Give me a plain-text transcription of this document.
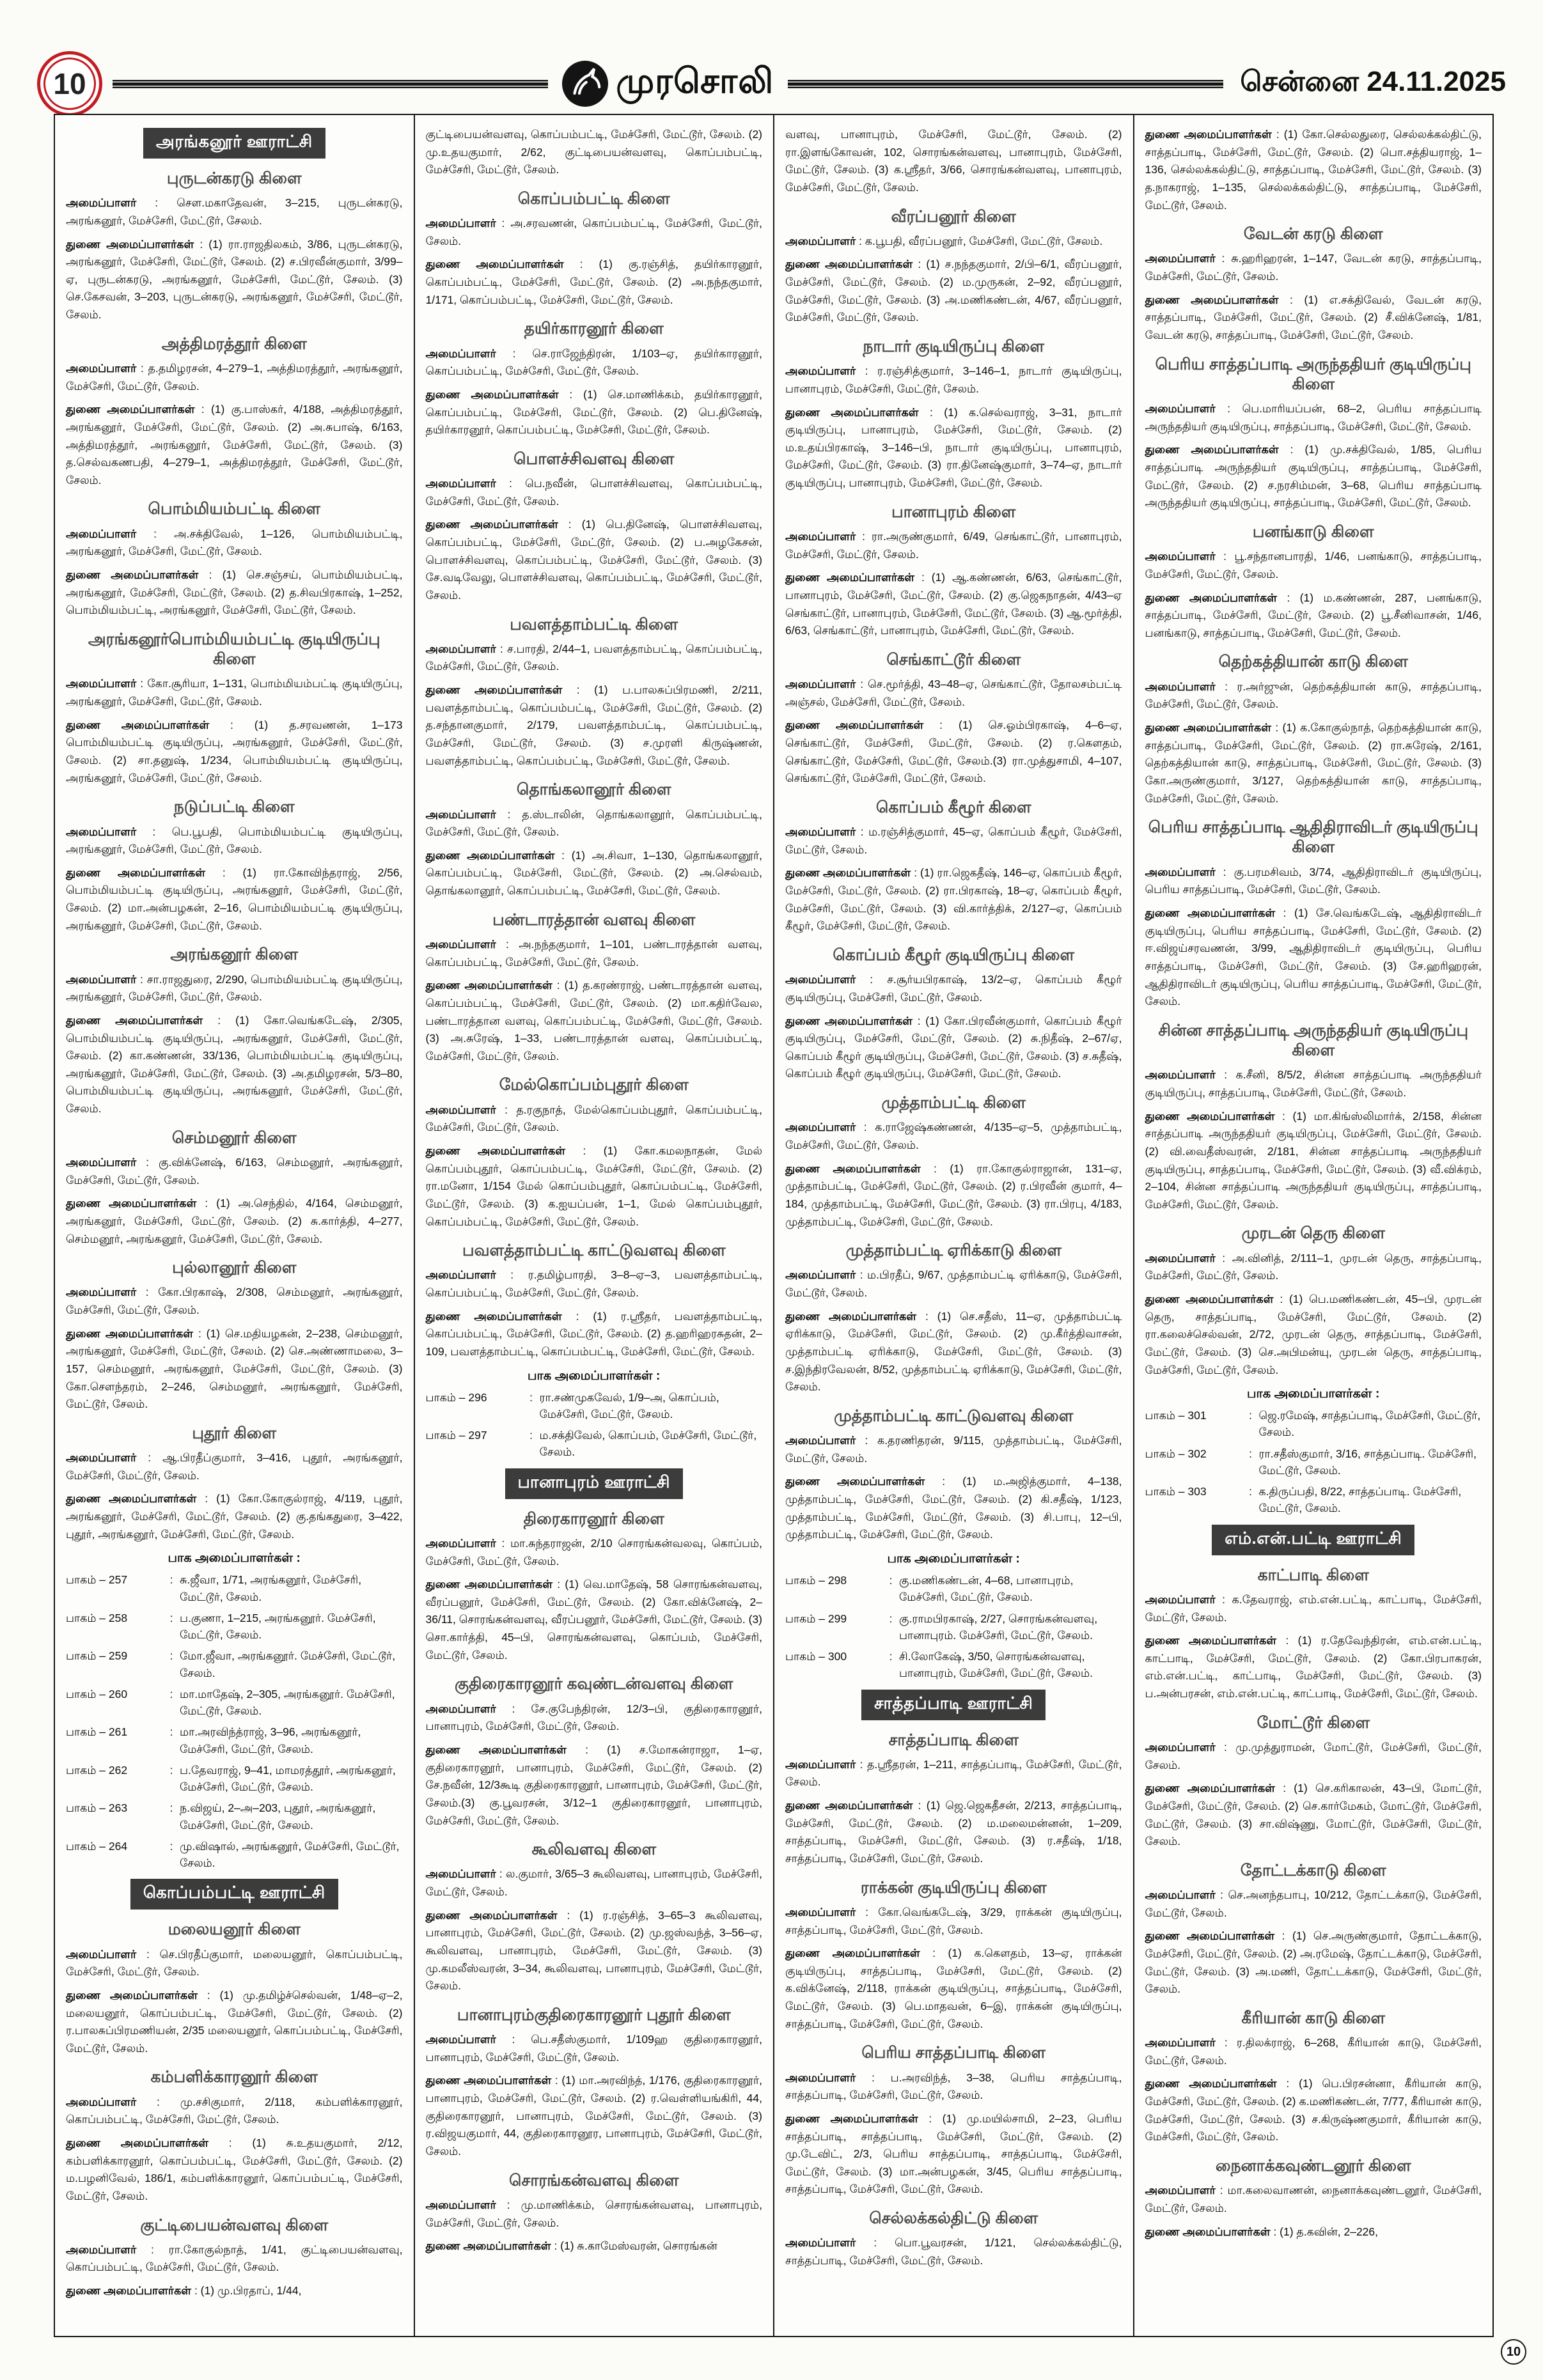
10	முரசொலி	சென்னை 24.11.2025
அரங்கனூர் ஊராட்சி
புருடன்கரடு கிளை

அமைப்பாளர் : சௌ.மகாதேவன், 3–215, புருடன்கரடு, அரங்கனூர், மேச்சேரி, மேட்டூர், சேலம்.

துணை அமைப்பாளர்கள் : (1) ரா.ராஜதிலகம், 3/86, புருடன்கரடு, அரங்கனூர், மேச்சேரி, மேட்டூர், சேலம். (2) ச.பிரவீன்குமார், 3/99–ஏ, புருடன்கரடு, அரங்கனூர், மேச்சேரி, மேட்டூர், சேலம். (3) செ.கேசவன், 3–203, புருடன்கரடு, அரங்கனூர், மேச்சேரி, மேட்டூர், சேலம்.

அத்திமரத்தூர் கிளை

அமைப்பாளர் : த.தமிழரசன், 4–279–1, அத்திமரத்தூர், அரங்கனூர், மேச்சேரி, மேட்டூர், சேலம்.

துணை அமைப்பாளர்கள் : (1) கு.பாஸ்கர், 4/188, அத்திமரத்தூர், அரங்கனூர், மேச்சேரி, மேட்டூர், சேலம். (2) அ.சுபாஷ், 6/163, அத்திமரத்தூர், அரங்கனூர், மேச்சேரி, மேட்டூர், சேலம். (3) த.செல்வகணபதி, 4–279–1, அத்திமரத்தூர், மேச்சேரி, மேட்டூர், சேலம்.

பொம்மியம்பட்டி கிளை

அமைப்பாளர் : அ.சக்திவேல், 1–126, பொம்மியம்பட்டி, அரங்கனூர், மேச்சேரி, மேட்டூர், சேலம்.

துணை அமைப்பாளர்கள் : (1) செ.சஞ்சய், பொம்மியம்பட்டி, அரங்கனூர், மேச்சேரி, மேட்டூர், சேலம். (2) த.சிவபிரகாஷ், 1–252, பொம்மியம்பட்டி, அரங்கனூர், மேச்சேரி, மேட்டூர், சேலம்.

அரங்கனூர்பொம்மியம்பட்டி குடியிருப்பு கிளை

அமைப்பாளர் : கோ.சூரியா, 1–131, பொம்மியம்பட்டி குடியிருப்பு, அரங்கனூர், மேச்சேரி, மேட்டூர், சேலம்.

துணை அமைப்பாளர்கள் : (1) த.சரவணன், 1–173 பொம்மியம்பட்டி குடியிருப்பு, அரங்கனூர், மேச்சேரி, மேட்டூர், சேலம். (2) சா.தனுஷ், 1/234, பொம்மியம்பட்டி குடியிருப்பு, அரங்கனூர், மேச்சேரி, மேட்டூர், சேலம்.

நடுப்பட்டி கிளை

அமைப்பாளர் : பெ.பூபதி, பொம்மியம்பட்டி குடியிருப்பு, அரங்கனூர், மேச்சேரி, மேட்டூர், சேலம்.

துணை அமைப்பாளர்கள் : (1) ரா.கோவிந்தராஜ், 2/56, பொம்மியம்பட்டி குடியிருப்பு, அரங்கனூர், மேச்சேரி, மேட்டூர், சேலம். (2) மா.அன்பழகன், 2–16, பொம்மியம்பட்டி குடியிருப்பு, அரங்கனூர், மேச்சேரி, மேட்டூர், சேலம்.

அரங்கனூர் கிளை

அமைப்பாளர் : சா.ராஜதுரை, 2/290, பொம்மியம்பட்டி குடியிருப்பு, அரங்கனூர், மேச்சேரி, மேட்டூர், சேலம்.

துணை அமைப்பாளர்கள் : (1) கோ.வெங்கடேஷ், 2/305, பொம்மியம்பட்டி குடியிருப்பு, அரங்கனூர், மேச்சேரி, மேட்டூர், சேலம். (2) கா.கண்ணன், 33/136, பொம்மியம்பட்டி குடியிருப்பு, அரங்கனூர், மேச்சேரி, மேட்டூர், சேலம். (3) அ.தமிழரசன், 5/3–80, பொம்மியம்பட்டி குடியிருப்பு, அரங்கனூர், மேச்சேரி, மேட்டூர், சேலம்.

செம்மனூர் கிளை

அமைப்பாளர் : கு.விக்னேஷ், 6/163, செம்மனூர், அரங்கனூர், மேச்சேரி, மேட்டூர், சேலம்.

துணை அமைப்பாளர்கள் : (1) அ.செந்தில், 4/164, செம்மனூர், அரங்கனூர், மேச்சேரி, மேட்டூர், சேலம். (2) சு.கார்த்தி, 4–277, செம்மனூர், அரங்கனூர், மேச்சேரி, மேட்டூர், சேலம்.

புல்லானூர் கிளை

அமைப்பாளர் : கோ.பிரகாஷ், 2/308, செம்மனூர், அரங்கனூர், மேச்சேரி, மேட்டூர், சேலம்.

துணை அமைப்பாளர்கள் : (1) செ.மதியழகன், 2–238, செம்மனூர், அரங்கனூர், மேச்சேரி, மேட்டூர், சேலம். (2) செ.அண்ணாமலை, 3–157, செம்மனூர், அரங்கனூர், மேச்சேரி, மேட்டூர், சேலம். (3) கோ.சௌந்தரம், 2–246, செம்மனூர், அரங்கனூர், மேச்சேரி, மேட்டூர், சேலம்.

புதூர் கிளை

அமைப்பாளர் : ஆ.பிரதீப்குமார், 3–416, புதூர், அரங்கனூர், மேச்சேரி, மேட்டூர், சேலம்.

துணை அமைப்பாளர்கள் : (1) கோ.கோகுல்ராஜ், 4/119, புதூர், அரங்கனூர், மேச்சேரி, மேட்டூர், சேலம். (2) கு.தங்கதுரை, 3–422, புதூர், அரங்கனூர், மேச்சேரி, மேட்டூர், சேலம்.

பாக அமைப்பாளர்கள் :
பாகம் – 257	: சு.ஜீவா, 1/71, அரங்கனூர், மேச்சேரி, மேட்டூர், சேலம்.
பாகம் – 258	: ப.குணா, 1–215, அரங்கனூர். மேச்சேரி, மேட்டூர், சேலம்.
பாகம் – 259	: மோ.ஜீவா, அரங்கனூர். மேச்சேரி, மேட்டூர், சேலம்.
பாகம் – 260	: மா.மாதேஷ், 2–305, அரங்கனூர். மேச்சேரி, மேட்டூர், சேலம்.
பாகம் – 261	: மா.அரவிந்த்ராஜ், 3–96, அரங்கனூர், மேச்சேரி, மேட்டூர், சேலம்.
பாகம் – 262	: ப.தேவராஜ், 9–41, மாமரத்தூர், அரங்கனூர், மேச்சேரி, மேட்டூர், சேலம்.
பாகம் – 263	: ந.விஜய், 2–அ–203, புதூர், அரங்கனூர், மேச்சேரி, மேட்டூர், சேலம்.
பாகம் – 264	: மு.விஷால், அரங்கனூர், மேச்சேரி, மேட்டூர், சேலம்.
கொப்பம்பட்டி ஊராட்சி
மலையனூர் கிளை

அமைப்பாளர் : செ.பிரதீப்குமார், மலையனூர், கொப்பம்பட்டி, மேச்சேரி, மேட்டூர், சேலம்.

துணை அமைப்பாளர்கள் : (1) மு.தமிழ்ச்செல்வன், 1/48–ஏ–2, மலையனூர், கொப்பம்பட்டி, மேச்சேரி, மேட்டூர், சேலம். (2) ர.பாலசுப்பிரமணியன், 2/35 மலையனூர், கொப்பம்பட்டி, மேச்சேரி, மேட்டூர், சேலம்.

கம்பளிக்காரனூர் கிளை

அமைப்பாளர் : மு.சசிகுமார், 2/118, கம்பளிக்காரனூர், கொப்பம்பட்டி, மேச்சேரி, மேட்டூர், சேலம்.

துணை அமைப்பாளர்கள் : (1) சு.உதயகுமார், 2/12, கம்பளிக்காரனூர், கொப்பம்பட்டி, மேச்சேரி, மேட்டூர், சேலம். (2) ம.பழனிவேல், 186/1, கம்பளிக்காரனூர், கொப்பம்பட்டி, மேச்சேரி, மேட்டூர், சேலம்.

குட்டிபையன்வளவு கிளை

அமைப்பாளர் : ரா.கோகுல்நாத், 1/41, குட்டிபையன்வளவு, கொப்பம்பட்டி, மேச்சேரி, மேட்டூர், சேலம்.

துணை அமைப்பாளர்கள் : (1) மு.பிரதாப், 1/44,

குட்டிபையன்வளவு, கொப்பம்பட்டி, மேச்சேரி, மேட்டூர், சேலம். (2) மு.உதயகுமார், 2/62, குட்டிபையன்வளவு, கொப்பம்பட்டி, மேச்சேரி, மேட்டூர், சேலம்.

கொப்பம்பட்டி கிளை

அமைப்பாளர் : அ.சரவணன், கொப்பம்பட்டி, மேச்சேரி, மேட்டூர், சேலம்.

துணை அமைப்பாளர்கள் : (1) கு.ரஞ்சித், தயிர்காரனூர், கொப்பம்பட்டி, மேச்சேரி, மேட்டூர், சேலம். (2) அ.நந்தகுமார், 1/171, கொப்பம்பட்டி, மேச்சேரி, மேட்டூர், சேலம்.

தயிர்காரனூர் கிளை

அமைப்பாளர் : செ.ராஜேந்திரன், 1/103–ஏ, தயிர்காரனூர், கொப்பம்பட்டி, மேச்சேரி, மேட்டூர், சேலம்.

துணை அமைப்பாளர்கள் : (1) செ.மாணிக்கம், தயிர்காரனூர், கொப்பம்பட்டி, மேச்சேரி, மேட்டூர், சேலம். (2) பெ.தினேஷ், தயிர்காரனூர், கொப்பம்பட்டி, மேச்சேரி, மேட்டூர், சேலம்.

பொளச்சிவளவு கிளை

அமைப்பாளர் : பெ.நவீன், பொளச்சிவளவு, கொப்பம்பட்டி, மேச்சேரி, மேட்டூர், சேலம்.

துணை அமைப்பாளர்கள் : (1) பெ.தினேஷ், பொளச்சிவளவு, கொப்பம்பட்டி, மேச்சேரி, மேட்டூர், சேலம். (2) ப.அழகேசன், பொளச்சிவளவு, கொப்பம்பட்டி, மேச்சேரி, மேட்டூர், சேலம். (3) சே.வடிவேலு, பொளச்சிவளவு, கொப்பம்பட்டி, மேச்சேரி, மேட்டூர், சேலம்.

பவளத்தாம்பட்டி கிளை

அமைப்பாளர் : ச.பாரதி, 2/44–1, பவளத்தாம்பட்டி, கொப்பம்பட்டி, மேச்சேரி, மேட்டூர், சேலம்.

துணை அமைப்பாளர்கள் : (1) ப.பாலசுப்பிரமணி, 2/211, பவளத்தாம்பட்டி, கொப்பம்பட்டி, மேச்சேரி, மேட்டூர், சேலம். (2) த.சந்தானகுமார், 2/179, பவளத்தாம்பட்டி, கொப்பம்பட்டி, மேச்சேரி, மேட்டூர், சேலம். (3) ச.முரளி கிருஷ்ணன், பவளத்தாம்பட்டி, கொப்பம்பட்டி, மேச்சேரி, மேட்டூர், சேலம்.

தொங்கலானூர் கிளை

அமைப்பாளர் : த.ஸ்டாலின், தொங்கலானூர், கொப்பம்பட்டி, மேச்சேரி, மேட்டூர், சேலம்.

துணை அமைப்பாளர்கள் : (1) அ.சிவா, 1–130, தொங்கலானூர், கொப்பம்பட்டி, மேச்சேரி, மேட்டூர், சேலம். (2) அ.செல்வம், தொங்கலானூர், கொப்பம்பட்டி, மேச்சேரி, மேட்டூர், சேலம்.

பண்டாரத்தான் வளவு கிளை

அமைப்பாளர் : அ.நந்தகுமார், 1–101, பண்டாரத்தான் வளவு, கொப்பம்பட்டி, மேச்சேரி, மேட்டூர், சேலம்.

துணை அமைப்பாளர்கள் : (1) த.கரண்ராஜ், பண்டாரத்தான் வளவு, கொப்பம்பட்டி, மேச்சேரி, மேட்டூர், சேலம். (2) மா.கதிர்வேல, பண்டாரத்தான வளவு, கொப்பம்பட்டி, மேச்சேரி, மேட்டூர், சேலம். (3) அ.சுரேஷ், 1–33, பண்டாரத்தான் வளவு, கொப்பம்பட்டி, மேச்சேரி, மேட்டூர், சேலம்.

மேல்கொப்பம்புதூர் கிளை

அமைப்பாளர் : த.ரகுநாத், மேல்கொப்பம்புதூர், கொப்பம்பட்டி, மேச்சேரி, மேட்டூர், சேலம்.

துணை அமைப்பாளர்கள் : (1) கோ.கமலநாதன், மேல் கொப்பம்புதூர், கொப்பம்பட்டி, மேச்சேரி, மேட்டூர், சேலம். (2) ரா.மனோ, 1/154 மேல் கொப்பம்புதூர், கொப்பம்பட்டி, மேச்சேரி, மேட்டூர், சேலம். (3) க.ஐயப்பன், 1–1, மேல் கொப்பம்புதூர், கொப்பம்பட்டி, மேச்சேரி, மேட்டூர், சேலம்.

பவளத்தாம்பட்டி காட்டுவளவு கிளை

அமைப்பாளர் : ர.தமிழ்பாரதி, 3–8–ஏ–3, பவளத்தாம்பட்டி, கொப்பம்பட்டி, மேச்சேரி, மேட்டூர், சேலம்.

துணை அமைப்பாளர்கள் : (1) ர.ஸ்ரீதர், பவளத்தாம்பட்டி, கொப்பம்பட்டி, மேச்சேரி, மேட்டூர், சேலம். (2) த.ஹரிஹரசுதன், 2–109, பவளத்தாம்பட்டி, கொப்பம்பட்டி, மேச்சேரி, மேட்டூர், சேலம்.

பாக அமைப்பாளர்கள் :
பாகம் – 296	: ரா.சண்முகவேல், 1/9–அ, கொப்பம், மேச்சேரி, மேட்டூர், சேலம்.
பாகம் – 297	: ம.சக்திவேல், கொப்பம், மேச்சேரி, மேட்டூர், சேலம்.
பானாபுரம் ஊராட்சி
திரைகாரனூர் கிளை

அமைப்பாளர் : மா.சுந்தராஜன், 2/10 சொரங்கன்வலவு, கொப்பம், மேச்சேரி, மேட்டூர், சேலம்.

துணை அமைப்பாளர்கள் : (1) வெ.மாதேஷ், 58 சொரங்கன்வளவு, வீரப்பனூர், மேச்சேரி, மேட்டூர், சேலம். (2) கோ.விக்னேஷ், 2–36/11, சொரங்கன்வளவு, வீரப்பனூர், மேச்சேரி, மேட்டூர், சேலம். (3) சொ.கார்த்தி, 45–பி, சொரங்கன்வளவு, கொப்பம், மேச்சேரி, மேட்டூர், சேலம்.

குதிரைகாரனூர் கவுண்டன்வளவு கிளை

அமைப்பாளர் : சே.குபேந்திரன், 12/3–பி, குதிரைகாரனூர், பானாபுரம், மேச்சேரி, மேட்டூர், சேலம்.

துணை அமைப்பாளர்கள் : (1) ச.மோகன்ராஜா, 1–ஏ, குதிரைகாரனூர், பானாபுரம், மேச்சேரி, மேட்டூர், சேலம். (2) சே.நவீன், 12/3கூடி குதிரைகாரனூர், பானாபுரம், மேச்சேரி, மேட்டூர், சேலம்.(3) கு.பூவரசன், 3/12–1 குதிரைகாரனூர், பானாபுரம், மேச்சேரி, மேட்டூர், சேலம்.

கூலிவளவு கிளை

அமைப்பாளர் : ல.குமார், 3/65–3 கூலிவளவு, பானாபுரம், மேச்சேரி, மேட்டூர், சேலம்.

துணை அமைப்பாளர்கள் : (1) ர.ரஞ்சித், 3–65–3 கூலிவளவு, பானாபுரம், மேச்சேரி, மேட்டூர், சேலம். (2) மு.ஜஸ்வந்த், 3–56–ஏ, கூலிவளவு, பானாபுரம், மேச்சேரி, மேட்டூர், சேலம். (3) மு.கமலீஸ்வரன், 3–34, கூலிவளவு, பானாபுரம், மேச்சேரி, மேட்டூர், சேலம்.

பானாபுரம்குதிரைகாரனூர் புதூர் கிளை

அமைப்பாளர் : பெ.சதீஸ்குமார், 1/109ஹ குதிரைகாரனூர், பானாபுரம், மேச்சேரி, மேட்டூர், சேலம்.

துணை அமைப்பாளர்கள் : (1) மா.அரவிந்த், 1/176, குதிரைகாரனூர், பானாபுரம், மேச்சேரி, மேட்டூர், சேலம். (2) ர.வெள்ளியங்கிரி, 44, குதிரைகாரனூர், பானாபுரம், மேச்சேரி, மேட்டூர், சேலம். (3) ர.விஜயகுமார், 44, குதிரைகாரனூர, பானாபுரம், மேச்சேரி, மேட்டூர், சேலம்.

சொரங்கன்வளவு கிளை

அமைப்பாளர் : மு.மாணிக்கம், சொரங்கன்வளவு, பானாபுரம், மேச்சேரி, மேட்டூர், சேலம்.

துணை அமைப்பாளர்கள் : (1) சு.காமேஸ்வரன், சொரங்கன்

வளவு, பானாபுரம், மேச்சேரி, மேட்டூர், சேலம். (2) ரா.இளங்கோவன், 102, சொரங்கன்வளவு, பானாபுரம், மேச்சேரி, மேட்டூர், சேலம். (3) க.ஸ்ரீதர், 3/66, சொரங்கன்வளவு, பானாபுரம், மேச்சேரி, மேட்டூர், சேலம்.

வீரப்பனூர் கிளை

அமைப்பாளர் : க.பூபதி, வீரப்பனூர், மேச்சேரி, மேட்டூர், சேலம்.

துணை அமைப்பாளர்கள் : (1) ச.நந்தகுமார், 2/பி–6/1, வீரப்பனூர், மேச்சேரி, மேட்டூர், சேலம். (2) ம.முருகன், 2–92, வீரப்பனூர், மேச்சேரி, மேட்டூர், சேலம். (3) அ.மணிகண்டன், 4/67, வீரப்பனூர், மேச்சேரி, மேட்டூர், சேலம்.

நாடார் குடியிருப்பு கிளை

அமைப்பாளர் : ர.ரஞ்சித்குமார், 3–146–1, நாடார் குடியிருப்பு, பானாபுரம், மேச்சேரி, மேட்டூர், சேலம்.

துணை அமைப்பாளர்கள் : (1) க.செல்வராஜ், 3–31, நாடார் குடியிருப்பு, பானாபுரம், மேச்சேரி, மேட்டூர், சேலம். (2) ம.உதய்பிரகாஷ், 3–146–பி, நாடார் குடியிருப்பு, பானாபுரம், மேச்சேரி, மேட்டூர், சேலம். (3) ரா.தினேஷ்குமார், 3–74–ஏ, நாடார் குடியிருப்பு, பானாபுரம், மேச்சேரி, மேட்டூர், சேலம்.

பானாபுரம் கிளை

அமைப்பாளர் : ரா.அருண்குமார், 6/49, செங்காட்டூர், பானாபுரம், மேச்சேரி, மேட்டூர், சேலம்.

துணை அமைப்பாளர்கள் : (1) ஆ.கண்ணன், 6/63, செங்காட்டூர், பானாபுரம், மேச்சேரி, மேட்டூர், சேலம். (2) கு.ஜெகநாதன், 4/43–ஏ செங்காட்டூர், பானாபுரம், மேச்சேரி, மேட்டூர், சேலம். (3) ஆ.மூர்த்தி, 6/63, செங்காட்டூர், பானாபுரம், மேச்சேரி, மேட்டூர், சேலம்.

செங்காட்டூர் கிளை

அமைப்பாளர் : செ.மூர்த்தி, 43–48–ஏ, செங்காட்டூர், தோலசம்பட்டி அஞ்சல், மேச்சேரி, மேட்டூர், சேலம்.

துணை அமைப்பாளர்கள் : (1) செ.ஓம்பிரகாஷ், 4–6–ஏ, செங்காட்டூர், மேச்சேரி, மேட்டூர், சேலம். (2) ர.கௌதம், செங்காட்டூர், மேச்சேரி, மேட்டூர், சேலம்.(3) ரா.முத்துசாமி, 4–107, செங்காட்டூர், மேச்சேரி, மேட்டூர், சேலம்.

கொப்பம் கீழூர் கிளை

அமைப்பாளர் : ம.ரஞ்சித்குமார், 45–ஏ, கொப்பம் கீழூர், மேச்சேரி, மேட்டூர், சேலம்.

துணை அமைப்பாளர்கள் : (1) ரா.ஜெகதீஷ், 146–ஏ, கொப்பம் கீழூர், மேச்சேரி, மேட்டூர், சேலம். (2) ரா.பிரகாஷ், 18–ஏ, கொப்பம் கீழூர், மேச்சேரி, மேட்டூர், சேலம். (3) வி.கார்த்திக், 2/127–ஏ, கொப்பம் கீழூர், மேச்சேரி, மேட்டூர், சேலம்.

கொப்பம் கீழூர் குடியிருப்பு கிளை

அமைப்பாளர் : ச.சூர்யபிரகாஷ், 13/2–ஏ, கொப்பம் கீழூர் குடியிருப்பு, மேச்சேரி, மேட்டூர், சேலம்.

துணை அமைப்பாளர்கள் : (1) கோ.பிரவீன்குமார், கொப்பம் கீழூர் குடியிருப்பு, மேச்சேரி, மேட்டூர், சேலம். (2) சு.நிதீஷ், 2–67/ஏ, கொப்பம் கீழூர் குடியிருப்பு, மேச்சேரி, மேட்டூர், சேலம். (3) ச.சுதீஷ், கொப்பம் கீழூர் குடியிருப்பு, மேச்சேரி, மேட்டூர், சேலம்.

முத்தாம்பட்டி கிளை

அமைப்பாளர் : க.ராஜேஷ்கண்ணன், 4/135–ஏ–5, முத்தாம்பட்டி, மேச்சேரி, மேட்டூர், சேலம்.

துணை அமைப்பாளர்கள் : (1) ரா.கோகுல்ராஜான், 131–ஏ, முத்தாம்பட்டி, மேச்சேரி, மேட்டூர், சேலம். (2) ர.பிரவீன் குமார், 4–184, முத்தாம்பட்டி, மேச்சேரி, மேட்டூர், சேலம். (3) ரா.பிரபு, 4/183, முத்தாம்பட்டி, மேச்சேரி, மேட்டூர், சேலம்.

முத்தாம்பட்டி ஏரிக்காடு கிளை

அமைப்பாளர் : ம.பிரதீப், 9/67, முத்தாம்பட்டி ஏரிக்காடு, மேச்சேரி, மேட்டூர், சேலம்.

துணை அமைப்பாளர்கள் : (1) செ.சதீஸ், 11–ஏ, முத்தாம்பட்டி ஏரிக்காடு, மேச்சேரி, மேட்டூர், சேலம். (2) மு.கீர்த்திவாசன், முத்தாம்பட்டி ஏரிக்காடு, மேச்சேரி, மேட்டூர், சேலம். (3) ச.இந்திரவேலன், 8/52, முத்தாம்பட்டி ஏரிக்காடு, மேச்சேரி, மேட்டூர், சேலம்.

முத்தாம்பட்டி காட்டுவளவு கிளை

அமைப்பாளர் : க.தரணிதரன், 9/115, முத்தாம்பட்டி, மேச்சேரி, மேட்டூர், சேலம்.

துணை அமைப்பாளர்கள் : (1) ம.அஜித்குமார், 4–138, முத்தாம்பட்டி, மேச்சேரி, மேட்டூர், சேலம். (2) கி.சதீஷ், 1/123, முத்தாம்பட்டி, மேச்சேரி, மேட்டூர், சேலம். (3) சி.பாபு, 12–பி, முத்தாம்பட்டி, மேச்சேரி, மேட்டூர், சேலம்.

பாக அமைப்பாளர்கள் :
பாகம் – 298	: கு.மணிகண்டன், 4–68, பானாபுரம், மேச்சேரி, மேட்டூர், சேலம்.
பாகம் – 299	: கு.ராமபிரகாஷ், 2/27, சொரங்கன்வளவு, பானாபுரம். மேச்சேரி, மேட்டூர், சேலம்.
பாகம் – 300	: சி.லோகேஷ், 3/50, சொரங்கன்வளவு, பானாபுரம், மேச்சேரி, மேட்டூர், சேலம்.
சாத்தப்பாடி ஊராட்சி
சாத்தப்பாடி கிளை

அமைப்பாளர் : த.ஸ்ரீதரன், 1–211, சாத்தப்பாடி, மேச்சேரி, மேட்டூர், சேலம்.

துணை அமைப்பாளர்கள் : (1) ஜெ.ஜெகதீசன், 2/213, சாத்தப்பாடி, மேச்சேரி, மேட்டூர், சேலம். (2) ம.மலைமன்னன், 1–209, சாத்தப்பாடி, மேச்சேரி, மேட்டூர், சேலம். (3) ர.சதீஷ், 1/18, சாத்தப்பாடி, மேச்சேரி, மேட்டூர், சேலம்.

ராக்கன் குடியிருப்பு கிளை

அமைப்பாளர் : கோ.வெங்கடேஷ், 3/29, ராக்கன் குடியிருப்பு, சாத்தப்பாடி, மேச்சேரி, மேட்டூர், சேலம்.

துணை அமைப்பாளர்கள் : (1) க.கௌதம், 13–ஏ, ராக்கன் குடியிருப்பு, சாத்தப்பாடி, மேச்சேரி, மேட்டூர், சேலம். (2) க.விக்னேஷ், 2/118, ராக்கன் குடியிருப்பு, சாத்தப்பாடி, மேச்சேரி, மேட்டூர், சேலம். (3) பெ.மாதவன், 6–இ, ராக்கன் குடியிருப்பு, சாத்தப்பாடி, மேச்சேரி, மேட்டூர், சேலம்.

பெரிய சாத்தப்பாடி கிளை

அமைப்பாளர் : ப.அரவிந்த், 3–38, பெரிய சாத்தப்பாடி, சாத்தப்பாடி, மேச்சேரி, மேட்டூர், சேலம்.

துணை அமைப்பாளர்கள் : (1) மு.மயில்சாமி, 2–23, பெரிய சாத்தப்பாடி, சாத்தப்பாடி, மேச்சேரி, மேட்டூர், சேலம். (2) மு.டேவிட், 2/3, பெரிய சாத்தப்பாடி, சாத்தப்பாடி, மேச்சேரி, மேட்டூர், சேலம். (3) மா.அன்பழகன், 3/45, பெரிய சாத்தப்பாடி, சாத்தப்பாடி, மேச்சேரி, மேட்டூர், சேலம்.

செல்லக்கல்திட்டு கிளை

அமைப்பாளர் : பொ.பூவரசன், 1/121, செல்லக்கல்திட்டு, சாத்தப்பாடி, மேச்சேரி, மேட்டூர், சேலம்.

துணை அமைப்பாளர்கள் : (1) கோ.செல்லதுரை, செல்லக்கல்திட்டு, சாத்தப்பாடி, மேச்சேரி, மேட்டூர், சேலம். (2) பொ.சத்தியராஜ், 1–136, செல்லக்கல்திட்டு, சாத்தப்பாடி, மேச்சேரி, மேட்டூர், சேலம். (3) த.நாகராஜ், 1–135, செல்லக்கல்திட்டு, சாத்தப்பாடி, மேச்சேரி, மேட்டூர், சேலம்.

வேடன் கரடு கிளை

அமைப்பாளர் : சு.ஹரிஹரன், 1–147, வேடன் கரடு, சாத்தப்பாடி, மேச்சேரி, மேட்டூர், சேலம்.

துணை அமைப்பாளர்கள் : (1) எ.சக்திவேல், வேடன் கரடு, சாத்தப்பாடி, மேச்சேரி, மேட்டூர், சேலம். (2) சீ.விக்னேஷ், 1/81, வேடன் கரடு, சாத்தப்பாடி, மேச்சேரி, மேட்டூர், சேலம்.

பெரிய சாத்தப்பாடி அருந்ததியர் குடியிருப்பு கிளை

அமைப்பாளர் : பெ.மாரியப்பன், 68–2, பெரிய சாத்தப்பாடி அருந்ததியர் குடியிருப்பு, சாத்தப்பாடி, மேச்சேரி, மேட்டூர், சேலம்.

துணை அமைப்பாளர்கள் : (1) மு.சக்திவேல், 1/85, பெரிய சாத்தப்பாடி அருந்ததியர் குடியிருப்பு, சாத்தப்பாடி, மேச்சேரி, மேட்டூர், சேலம். (2) ச.நரசிம்மன், 3–68, பெரிய சாத்தப்பாடி அருந்ததியர் குடியிருப்பு, சாத்தப்பாடி, மேச்சேரி, மேட்டூர், சேலம்.

பனங்காடு கிளை

அமைப்பாளர் : பூ.சந்தானபாரதி, 1/46, பனங்காடு, சாத்தப்பாடி, மேச்சேரி, மேட்டூர், சேலம்.

துணை அமைப்பாளர்கள் : (1) ம.கண்ணன், 287, பனங்காடு, சாத்தப்பாடி, மேச்சேரி, மேட்டூர், சேலம். (2) பூ.சீனிவாசன், 1/46, பனங்காடு, சாத்தப்பாடி, மேச்சேரி, மேட்டூர், சேலம்.

தெற்கத்தியான் காடு கிளை

அமைப்பாளர் : ர.அர்ஜுன், தெற்கத்தியான் காடு, சாத்தப்பாடி, மேச்சேரி, மேட்டூர், சேலம்.

துணை அமைப்பாளர்கள் : (1) க.கோகுல்நாத், தெற்கத்தியான் காடு, சாத்தப்பாடி, மேச்சேரி, மேட்டூர், சேலம். (2) ரா.சுரேஷ், 2/161, தெற்கத்தியான் காடு, சாத்தப்பாடி, மேச்சேரி, மேட்டூர், சேலம். (3) கோ.அருண்குமார், 3/127, தெற்கத்தியான் காடு, சாத்தப்பாடி, மேச்சேரி, மேட்டூர், சேலம்.

பெரிய சாத்தப்பாடி ஆதிதிராவிடர் குடியிருப்பு கிளை

அமைப்பாளர் : கு.பரமசிவம், 3/74, ஆதிதிராவிடர் குடியிருப்பு, பெரிய சாத்தப்பாடி, மேச்சேரி, மேட்டூர், சேலம்.

துணை அமைப்பாளர்கள் : (1) சே.வெங்கடேஷ், ஆதிதிராவிடர் குடியிருப்பு, பெரிய சாத்தப்பாடி, மேச்சேரி, மேட்டூர், சேலம். (2) ஈ.விஜய்சரவணன், 3/99, ஆதிதிராவிடர் குடியிருப்பு, பெரிய சாத்தப்பாடி, மேச்சேரி, மேட்டூர், சேலம். (3) சே.ஹரிஹரன், ஆதிதிராவிடர் குடியிருப்பு, பெரிய சாத்தப்பாடி, மேச்சேரி, மேட்டூர், சேலம்.

சின்ன சாத்தப்பாடி அருந்ததியர் குடியிருப்பு கிளை

அமைப்பாளர் : க.சீனி, 8/5/2, சின்ன சாத்தப்பாடி அருந்ததியர் குடியிருப்பு, சாத்தப்பாடி, மேச்சேரி, மேட்டூர், சேலம்.

துணை அமைப்பாளர்கள் : (1) மா.கிங்ஸ்லிமார்க், 2/158, சின்ன சாத்தப்பாடி அருந்ததியர் குடியிருப்பு, மேச்சேரி, மேட்டூர், சேலம். (2) வி.வைதீஸ்வரன், 2/181, சின்ன சாத்தப்பாடி அருந்ததியர் குடியிருப்பு, சாத்தப்பாடி, மேச்சேரி, மேட்டூர், சேலம். (3) வீ.விக்ரம், 2–104, சின்ன சாத்தப்பாடி அருந்ததியர் குடியிருப்பு, சாத்தப்பாடி, மேச்சேரி, மேட்டூர், சேலம்.

முரடன் தெரு கிளை

அமைப்பாளர் : அ.வினித், 2/111–1, முரடன் தெரு, சாத்தப்பாடி, மேச்சேரி, மேட்டூர், சேலம்.

துணை அமைப்பாளர்கள் : (1) பெ.மணிகண்டன், 45–பி, முரடன் தெரு, சாத்தப்பாடி, மேச்சேரி, மேட்டூர், சேலம். (2) ரா.கலைச்செல்வன், 2/72, முரடன் தெரு, சாத்தப்பாடி, மேச்சேரி, மேட்டூர், சேலம். (3) செ.அபிமன்யு, முரடன் தெரு, சாத்தப்பாடி, மேச்சேரி, மேட்டூர், சேலம்.

பாக அமைப்பாளர்கள் :
பாகம் – 301	: ஜெ.ரமேஷ், சாத்தப்பாடி, மேச்சேரி, மேட்டூர், சேலம்.
பாகம் – 302	: ரா.சதீஸ்குமார், 3/16, சாத்தப்பாடி. மேச்சேரி, மேட்டூர், சேலம்.
பாகம் – 303	: க.திருப்பதி, 8/22, சாத்தப்பாடி. மேச்சேரி, மேட்டூர், சேலம்.
எம்.என்.பட்டி ஊராட்சி
காட்பாடி கிளை

அமைப்பாளர் : க.தேவராஜ், எம்.என்.பட்டி, காட்பாடி, மேச்சேரி, மேட்டூர், சேலம்.

துணை அமைப்பாளர்கள் : (1) ர.தேவேந்திரன், எம்.என்.பட்டி, காட்பாடி, மேச்சேரி, மேட்டூர், சேலம். (2) கோ.பிரபாகரன், எம்.என்.பட்டி, காட்பாடி, மேச்சேரி, மேட்டூர், சேலம். (3) ப.அன்பரசன், எம்.என்.பட்டி, காட்பாடி, மேச்சேரி, மேட்டூர், சேலம்.

மோட்டூர் கிளை

அமைப்பாளர் : மு.முத்துராமன், மோட்டூர், மேச்சேரி, மேட்டூர், சேலம்.

துணை அமைப்பாளர்கள் : (1) செ.கரிகாலன், 43–பி, மோட்டூர், மேச்சேரி, மேட்டூர், சேலம். (2) செ.கார்மேகம், மோட்டூர், மேச்சேரி, மேட்டூர், சேலம். (3) சா.விஷ்ணு, மோட்டூர், மேச்சேரி, மேட்டூர், சேலம்.

தோட்டக்காடு கிளை

அமைப்பாளர் : செ.அனந்தபாபு, 10/212, தோட்டக்காடு, மேச்சேரி, மேட்டூர், சேலம்.

துணை அமைப்பாளர்கள் : (1) செ.அருண்குமார், தோட்டக்காடு, மேச்சேரி, மேட்டூர், சேலம். (2) அ.ரமேஷ், தோட்டக்காடு, மேச்சேரி, மேட்டூர், சேலம். (3) அ.மணி, தோட்டக்காடு, மேச்சேரி, மேட்டூர், சேலம்.

கீரியான் காடு கிளை

அமைப்பாளர் : ர.திலக்ராஜ், 6–268, கீரியான் காடு, மேச்சேரி, மேட்டூர், சேலம்.

துணை அமைப்பாளர்கள் : (1) பெ.பிரசன்னா, கீரியான் காடு, மேச்சேரி, மேட்டூர், சேலம். (2) க.மணிகண்டன், 7/77, கீரியான் காடு, மேச்சேரி, மேட்டூர், சேலம். (3) ச.கிருஷ்ணகுமார், கீரியான் காடு, மேச்சேரி, மேட்டூர், சேலம்.

நைனாக்கவுண்டனூர் கிளை

அமைப்பாளர் : மா.கலைவாணன், நைனாக்கவுண்டனூர், மேச்சேரி, மேட்டூர், சேலம்.

துணை அமைப்பாளர்கள் : (1) த.கவின், 2–226,

10
